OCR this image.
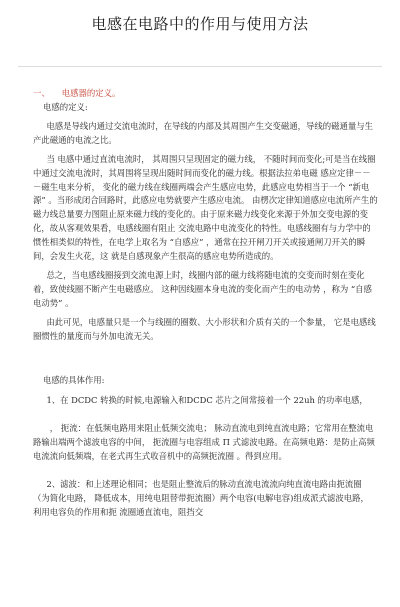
电感在电路中的作用与使用方法
一、 电感器的定义。

电感的定义:

电感是导线内通过交流电流时，在导线的内部及其周围产生交变磁通，导线的磁通量与生产此磁通的电流之比。

当 电感中通过直流电流时， 其周围只呈现固定的磁力线， 不随时间而变化;可是当在线圈中通过交流电流时，其周围将呈现出随时间而变化的磁力线。根据法拉弟电磁 感应定律－－－磁生电来分析， 变化的磁力线在线圈两端会产生感应电势，此感应电势相当于一个 “新电源” 。当形成闭合回路时，此感应电势就要产生感应电流。 由楞次定律知道感应电流所产生的磁力线总量要力图阻止原来磁力线的变化的。由于原来磁力线变化来源于外加交变电源的变化，故从客观效果看，电感线圈有阻止 交流电路中电流变化的特性。电感线圈有与力学中的惯性相类似的特性，在电学上取名为 “自感应” ，通常在拉开闸刀开关或接通闸刀开关的瞬间，会发生火花，这 就是自感现象产生很高的感应电势所造成的。

总之，当电感线圈接到交流电源上时，线圈内部的磁力线将随电流的交变而时刻在变化着，致使线圈不断产生电磁感应。 这种因线圈本身电流的变化而产生的电动势 ，称为 “自感电动势” 。

由此可见，电感量只是一个与线圈的圈数、大小形状和介质有关的一个参量， 它是电感线圈惯性的量度而与外加电流无关。

电感的具体作用:

1、在 DCDC 转换的时候,电源输入和DCDC 芯片之间常接着一个 22uh 的功率电感，

， 扼流：在低频电路用来阻止低频交流电； 脉动直流电到纯直流电路；它常用在整流电路输出端两个滤波电容的中间， 扼流圈与电容组成 П 式滤波电路。在高频电路：是防止高频电流流向低频端，在老式再生式收音机中的高频扼流圈 。得到应用。

2、滤波：和上述理论相同；也是阻止整流后的脉动直流电流流向纯直流电路由扼流圈（为简化电路， 降低成本，用纯电阻替带扼流圈）两个电容(电解电容)组成派式滤波电路， 利用电容负的作用和扼 流圈通直流电，阻挡交
